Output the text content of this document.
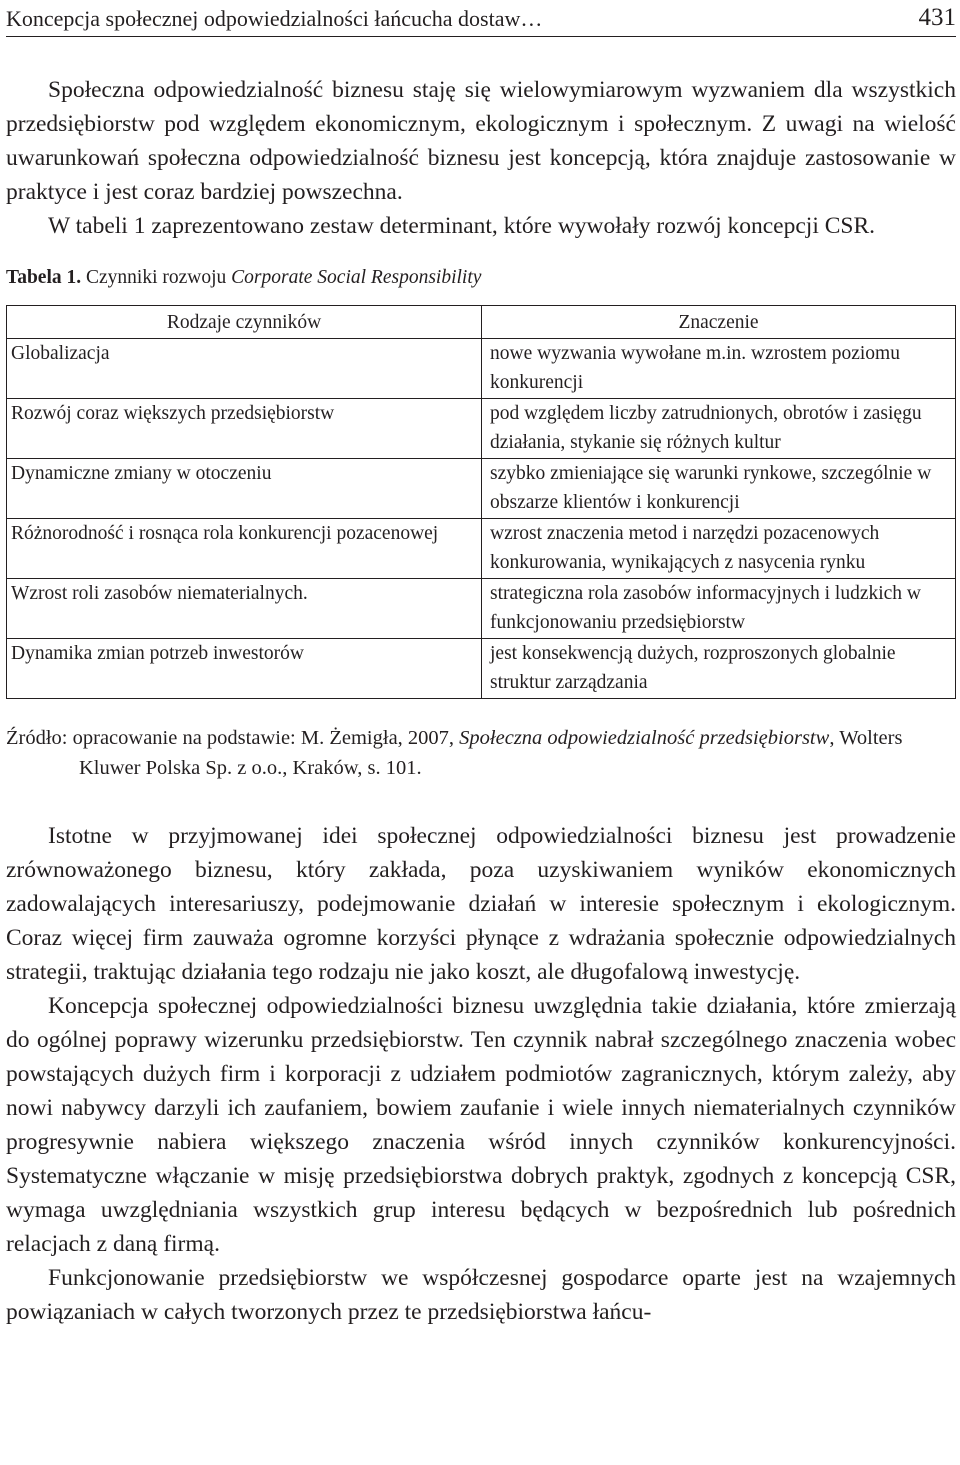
Koncepcja społecznej odpowiedzialności łańcucha dostaw…	431

Społeczna odpowiedzialność biznesu staję się wielowymiarowym wyzwaniem dla wszystkich przedsiębiorstw pod względem ekonomicznym, ekologicznym i społecznym. Z uwagi na wielość uwarunkowań społeczna odpowiedzialność biznesu jest koncepcją, która znajduje zastosowanie w praktyce i jest coraz bardziej powszechna.

W tabeli 1 zaprezentowano zestaw determinant, które wywołały rozwój koncepcji CSR.

Tabela 1. Czynniki rozwoju Corporate Social Responsibility
Rodzaje czynników	Znaczenie
Globalizacja	nowe wyzwania wywołane m.in. wzrostem poziomu konkurencji
Rozwój coraz większych przedsiębiorstw	pod względem liczby zatrudnionych, obrotów i zasięgu działania, stykanie się różnych kultur
Dynamiczne zmiany w otoczeniu	szybko zmieniające się warunki rynkowe, szczególnie w obszarze klientów i konkurencji
Różnorodność i rosnąca rola konkurencji pozacenowej	wzrost znaczenia metod i narzędzi pozacenowych konkurowania, wynikających z nasycenia rynku
Wzrost roli zasobów niematerialnych.	strategiczna rola zasobów informacyjnych i ludzkich w funkcjonowaniu przedsiębiorstw
Dynamika zmian potrzeb inwestorów	jest konsekwencją dużych, rozproszonych globalnie struktur zarządzania
Źródło: opracowanie na podstawie: M. Żemigła, 2007, Społeczna odpowiedzialność przedsiębiorstw, Wolters Kluwer Polska Sp. z o.o., Kraków, s. 101.

Istotne w przyjmowanej idei społecznej odpowiedzialności biznesu jest prowadzenie zrównoważonego biznesu, który zakłada, poza uzyskiwaniem wyników ekonomicznych zadowalających interesariuszy, podejmowanie działań w interesie społecznym i ekologicznym. Coraz więcej firm zauważa ogromne korzyści płynące z wdrażania społecznie odpowiedzialnych strategii, traktując działania tego rodzaju nie jako koszt, ale długofalową inwestycję.

Koncepcja społecznej odpowiedzialności biznesu uwzględnia takie działania, które zmierzają do ogólnej poprawy wizerunku przedsiębiorstw. Ten czynnik nabrał szczególnego znaczenia wobec powstających dużych firm i korporacji z udziałem podmiotów zagranicznych, którym zależy, aby nowi nabywcy darzyli ich zaufaniem, bowiem zaufanie i wiele innych niematerialnych czynników progresywnie nabiera większego znaczenia wśród innych czynników konkurencyjności. Systematyczne włączanie w misję przedsiębiorstwa dobrych praktyk, zgodnych z koncepcją CSR, wymaga uwzględniania wszystkich grup interesu będących w bezpośrednich lub pośrednich relacjach z daną firmą.

Funkcjonowanie przedsiębiorstw we współczesnej gospodarce oparte jest na wzajemnych powiązaniach w całych tworzonych przez te przedsiębiorstwa łańcu-
